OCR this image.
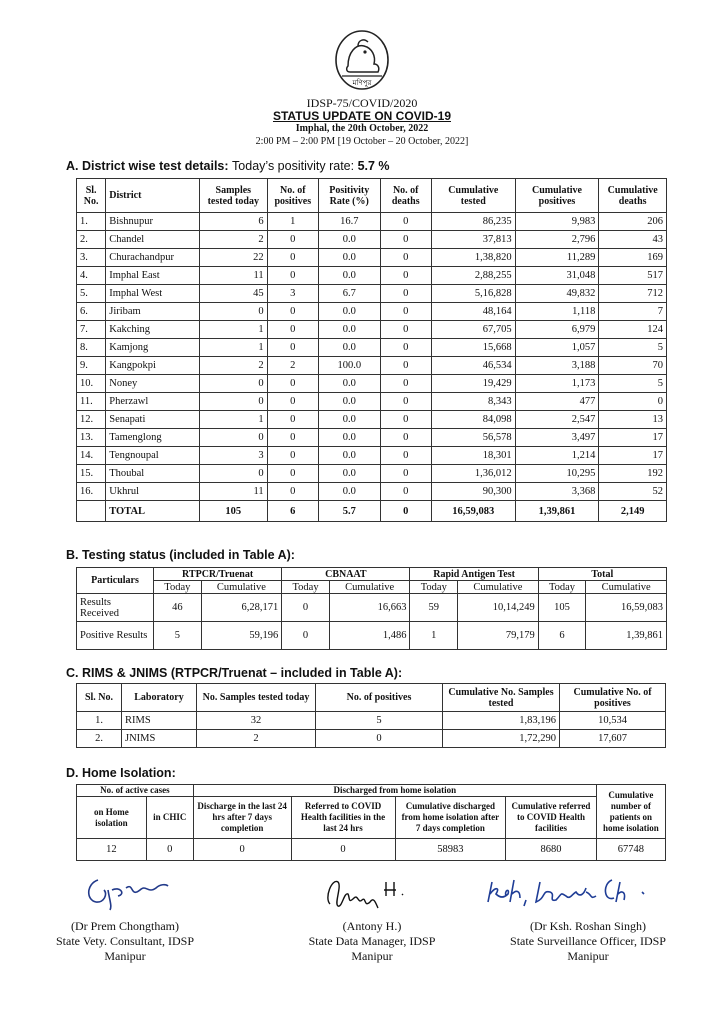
মণিপুর
IDSP-75/COVID/2020
STATUS UPDATE ON COVID-19
Imphal, the 20th October, 2022
2:00 PM – 2:00 PM [19 October – 20 October, 2022]
A. District wise test details: Today’s positivity rate: 5.7 %
Sl. No.	District	Samples tested today	No. of positives	Positivity Rate (%)	No. of deaths	Cumulative tested	Cumulative positives	Cumulative deaths
1.	Bishnupur	6	1	16.7	0	86,235	9,983	206
2.	Chandel	2	0	0.0	0	37,813	2,796	43
3.	Churachandpur	22	0	0.0	0	1,38,820	11,289	169
4.	Imphal East	11	0	0.0	0	2,88,255	31,048	517
5.	Imphal West	45	3	6.7	0	5,16,828	49,832	712
6.	Jiribam	0	0	0.0	0	48,164	1,118	7
7.	Kakching	1	0	0.0	0	67,705	6,979	124
8.	Kamjong	1	0	0.0	0	15,668	1,057	5
9.	Kangpokpi	2	2	100.0	0	46,534	3,188	70
10.	Noney	0	0	0.0	0	19,429	1,173	5
11.	Pherzawl	0	0	0.0	0	8,343	477	0
12.	Senapati	1	0	0.0	0	84,098	2,547	13
13.	Tamenglong	0	0	0.0	0	56,578	3,497	17
14.	Tengnoupal	3	0	0.0	0	18,301	1,214	17
15.	Thoubal	0	0	0.0	0	1,36,012	10,295	192
16.	Ukhrul	11	0	0.0	0	90,300	3,368	52
	TOTAL	105	6	5.7	0	16,59,083	1,39,861	2,149
B. Testing status (included in Table A):
Particulars	RTPCR/Truenat		CBNAAT		Rapid Antigen Test		Total	
	Today	Cumulative	Today	Cumulative	Today	Cumulative	Today	Cumulative
Results Received	46	6,28,171	0	16,663	59	10,14,249	105	16,59,083
Positive Results	5	59,196	0	1,486	1	79,179	6	1,39,861
C. RIMS & JNIMS (RTPCR/Truenat – included in Table A):
Sl. No.	Laboratory	No. Samples tested today	No. of positives	Cumulative No. Samples tested	Cumulative No. of positives
1.	RIMS	32	5	1,83,196	10,534
2.	JNIMS	2	0	1,72,290	17,607
D. Home Isolation:
No. of active cases		Discharged from home isolation				Cumulative number of patients on home isolation
on Home isolation	in CHIC	Discharge in the last 24 hrs after 7 days completion	Referred to COVID Health facilities in the last 24 hrs	Cumulative discharged from home isolation after 7 days completion	Cumulative referred to COVID Health facilities	
12	0	0	0	58983	8680	67748
(Dr Prem Chongtham)
State Vety. Consultant, IDSP
Manipur
(Antony H.)
State Data Manager, IDSP
Manipur
(Dr Ksh. Roshan Singh)
State Surveillance Officer, IDSP
Manipur
